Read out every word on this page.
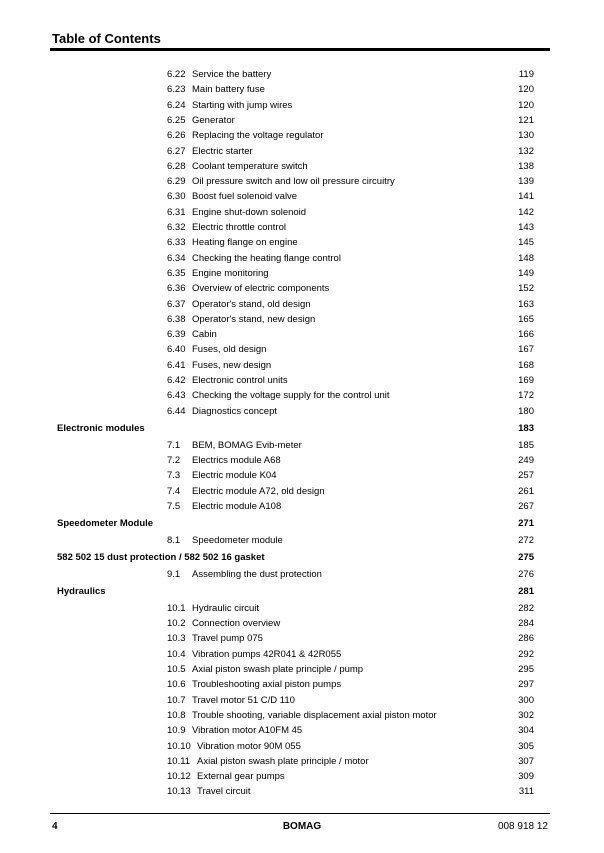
Table of Contents
6.22 Service the battery	119
6.23 Main battery fuse	120
6.24 Starting with jump wires	120
6.25 Generator	121
6.26 Replacing the voltage regulator	130
6.27 Electric starter	132
6.28 Coolant temperature switch	138
6.29 Oil pressure switch and low oil pressure circuitry	139
6.30 Boost fuel solenoid valve	141
6.31 Engine shut-down solenoid	142
6.32 Electric throttle control	143
6.33 Heating flange on engine	145
6.34 Checking the heating flange control	148
6.35 Engine monitoring	149
6.36 Overview of electric components	152
6.37 Operator's stand, old design	163
6.38 Operator's stand, new design	165
6.39 Cabin	166
6.40 Fuses, old design	167
6.41 Fuses, new design	168
6.42 Electronic control units	169
6.43 Checking the voltage supply for the control unit	172
6.44 Diagnostics concept	180
Electronic modules	183
7.1 BEM, BOMAG Evib-meter	185
7.2 Electrics module A68	249
7.3 Electric module K04	257
7.4 Electric module A72, old design	261
7.5 Electric module A108	267
Speedometer Module	271
8.1 Speedometer module	272
582 502 15 dust protection / 582 502 16 gasket	275
9.1 Assembling the dust protection	276
Hydraulics	281
10.1 Hydraulic circuit	282
10.2 Connection overview	284
10.3 Travel pump 075	286
10.4 Vibration pumps 42R041 & 42R055	292
10.5 Axial piston swash plate principle / pump	295
10.6 Troubleshooting axial piston pumps	297
10.7 Travel motor 51 C/D 110	300
10.8 Trouble shooting, variable displacement axial piston motor	302
10.9 Vibration motor A10FM 45	304
10.10 Vibration motor 90M 055	305
10.11 Axial piston swash plate principle / motor	307
10.12 External gear pumps	309
10.13 Travel circuit	311
4	BOMAG	008 918 12
